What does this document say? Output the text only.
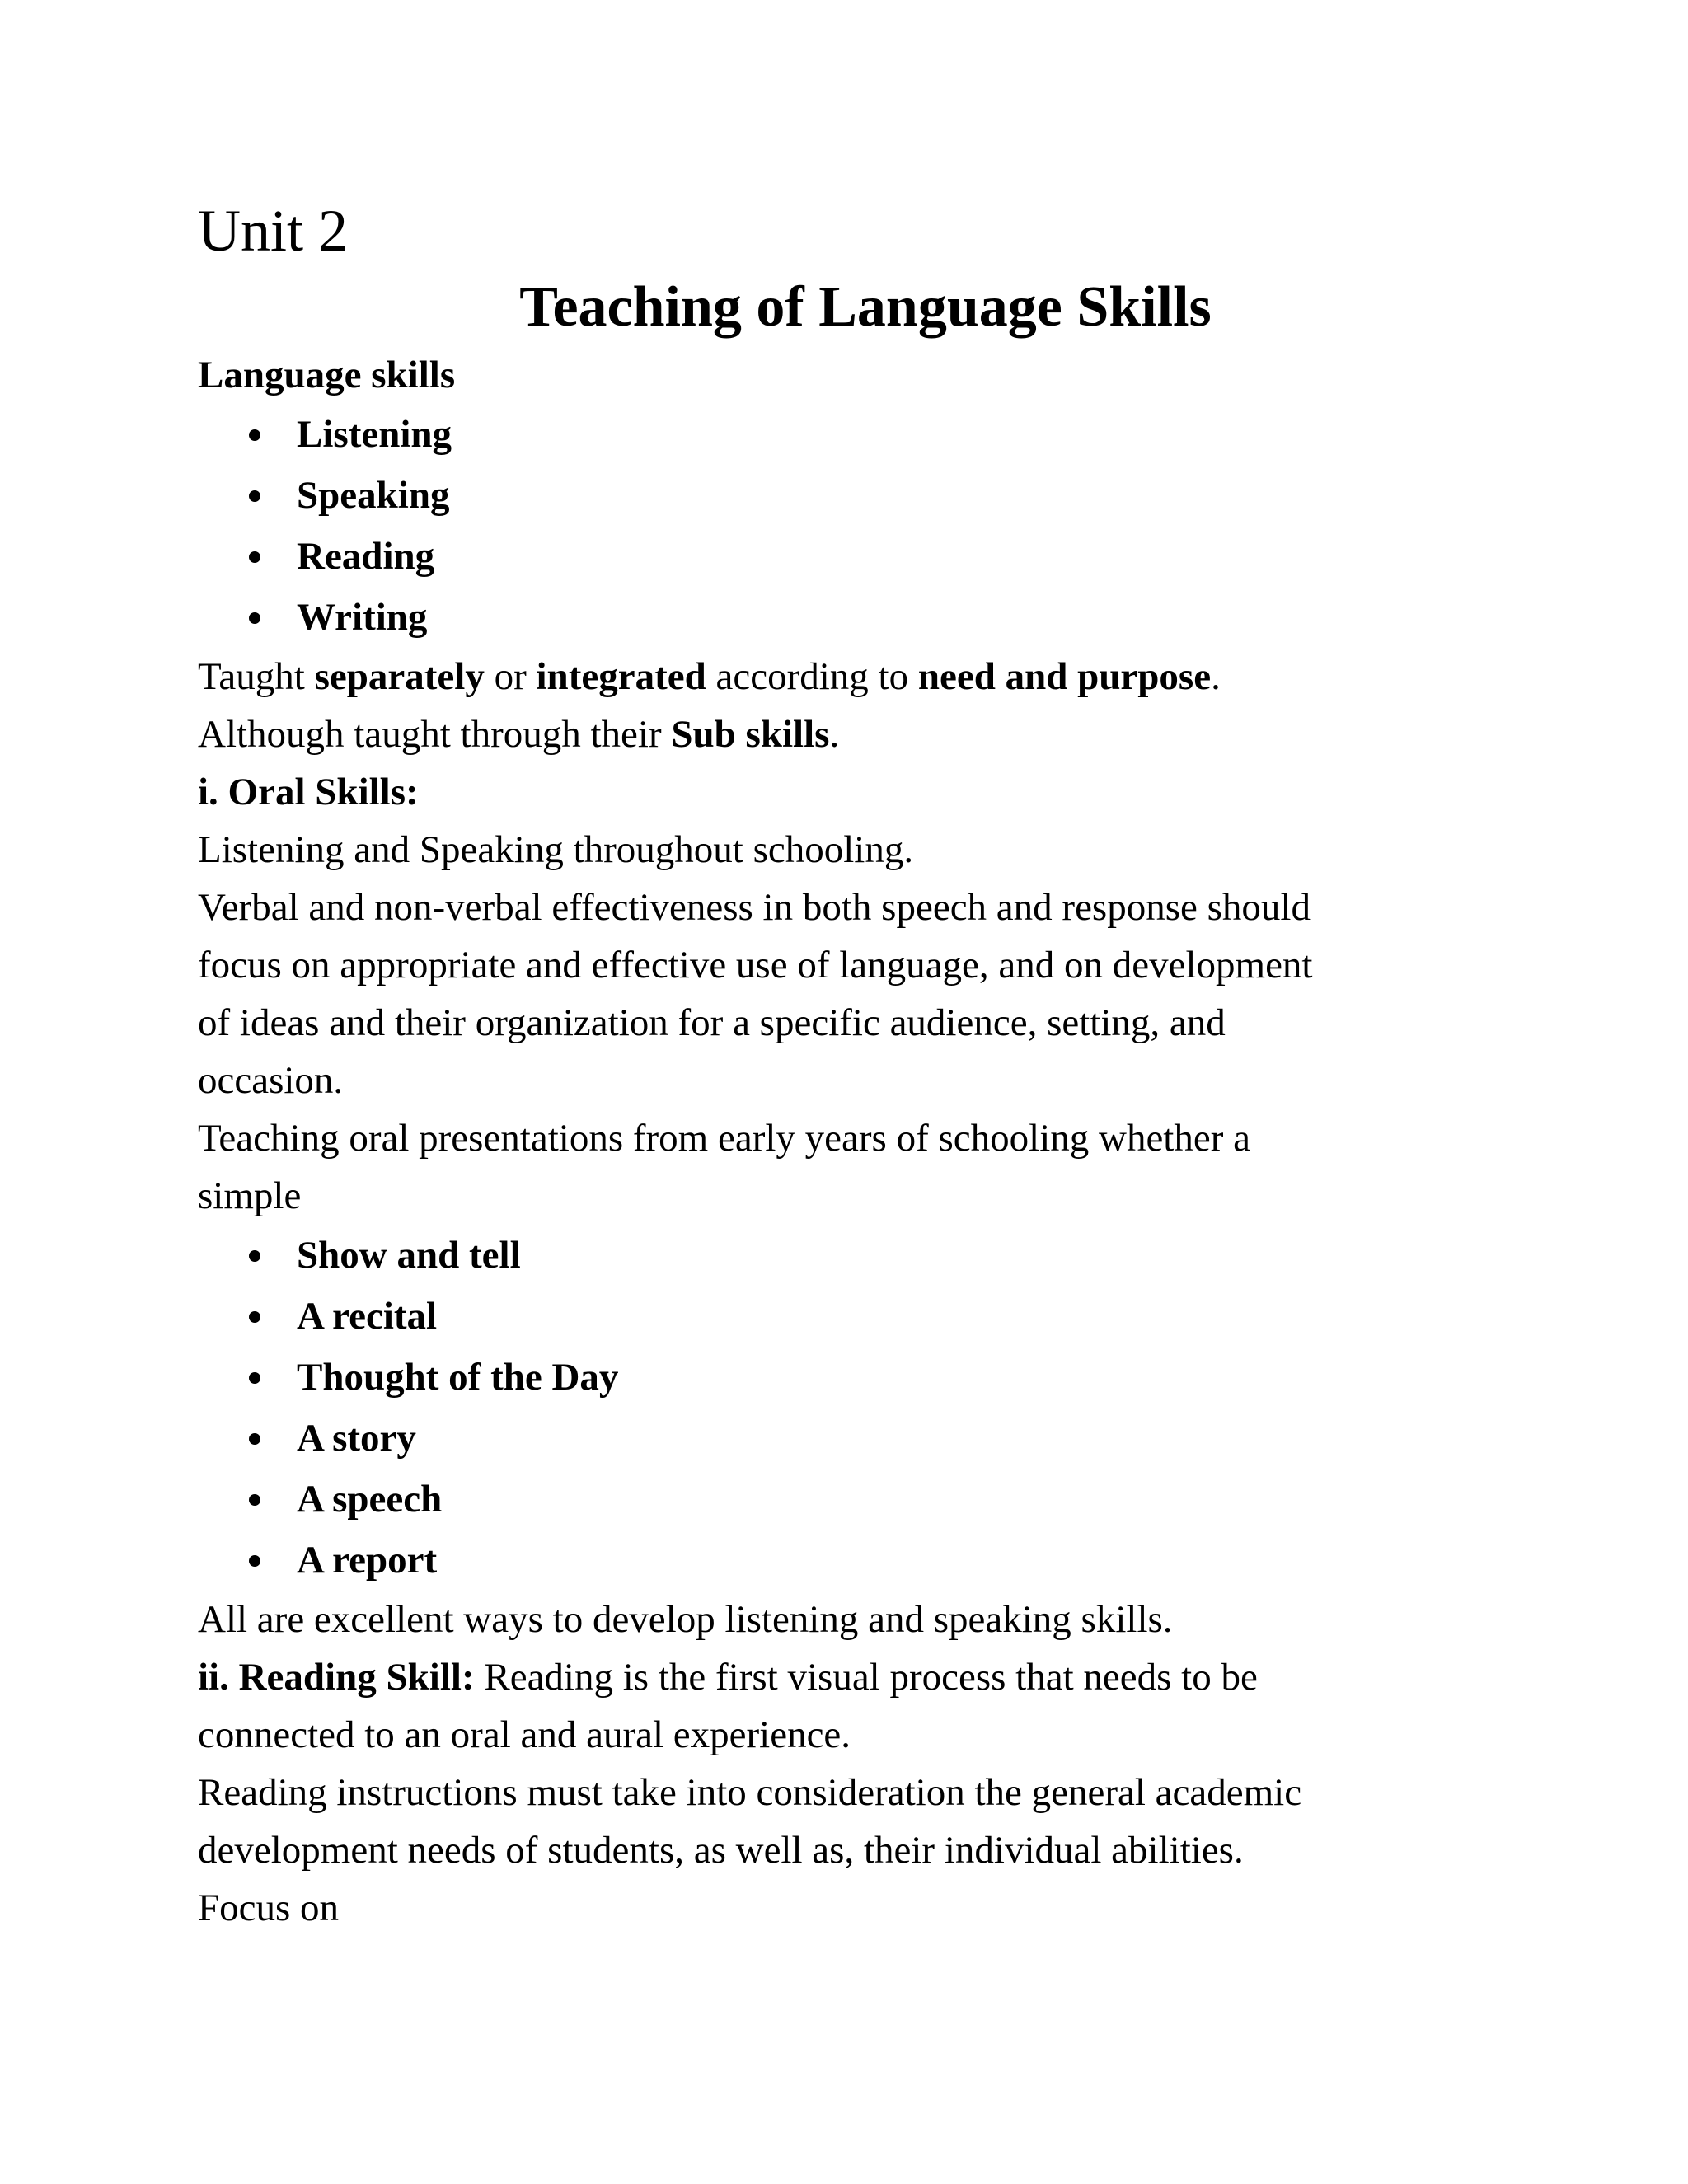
Unit 2

Teaching of Language Skills

Language skills

Listening
Speaking
Reading
Writing

Taught separately or integrated according to need and purpose.

Although taught through their Sub skills.

i. Oral Skills:

Listening and Speaking throughout schooling.

Verbal and non-verbal effectiveness in both speech and response should

focus on appropriate and effective use of language, and on development

of ideas and their organization for a specific audience, setting, and

occasion.

Teaching oral presentations from early years of schooling whether a

simple

Show and tell
A recital
Thought of the Day
A story
A speech
A report

All are excellent ways to develop listening and speaking skills.

ii. Reading Skill: Reading is the first visual process that needs to be

connected to an oral and aural experience.

Reading instructions must take into consideration the general academic

development needs of students, as well as, their individual abilities.

Focus on
